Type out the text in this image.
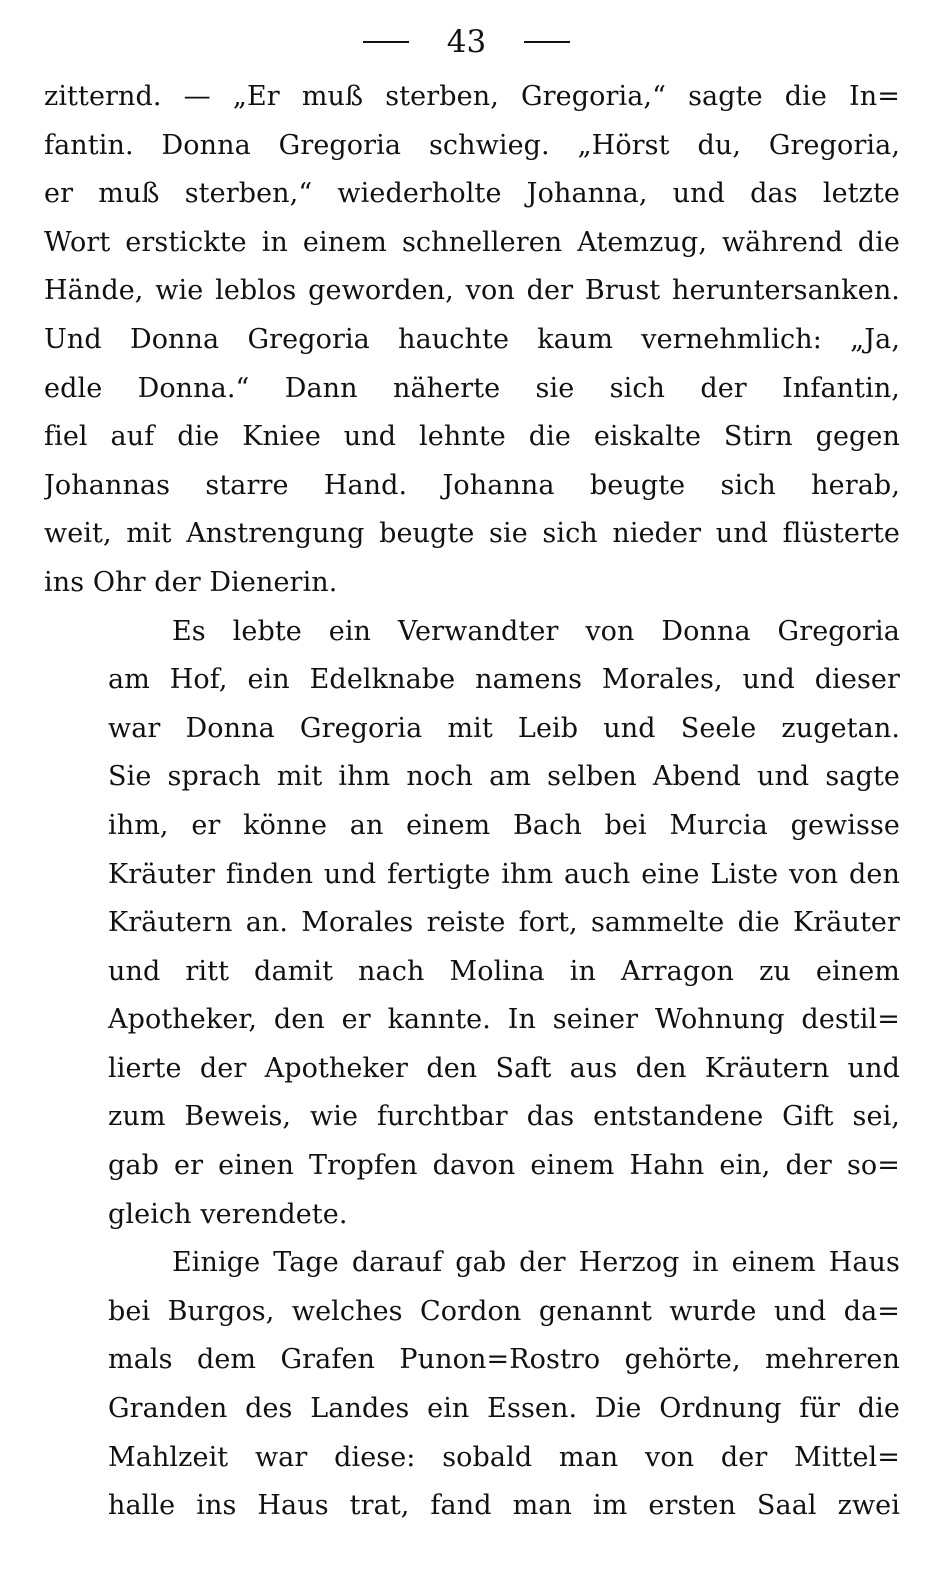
43
zitternd. — „Er muß sterben, Gregoria,“ sagte die In=
fantin. Donna Gregoria schwieg. „Hörst du, Gregoria,
er muß sterben,“ wiederholte Johanna, und das letzte
Wort erstickte in einem schnelleren Atemzug, während die
Hände, wie leblos geworden, von der Brust heruntersanken.
Und Donna Gregoria hauchte kaum vernehmlich: „Ja,
edle Donna.“ Dann näherte sie sich der Infantin,
fiel auf die Kniee und lehnte die eiskalte Stirn gegen
Johannas starre Hand. Johanna beugte sich herab,
weit, mit Anstrengung beugte sie sich nieder und flüsterte
ins Ohr der Dienerin.
Es lebte ein Verwandter von Donna Gregoria
am Hof, ein Edelknabe namens Morales, und dieser
war Donna Gregoria mit Leib und Seele zugetan.
Sie sprach mit ihm noch am selben Abend und sagte
ihm, er könne an einem Bach bei Murcia gewisse
Kräuter finden und fertigte ihm auch eine Liste von den
Kräutern an. Morales reiste fort, sammelte die Kräuter
und ritt damit nach Molina in Arragon zu einem
Apotheker, den er kannte. In seiner Wohnung destil=
lierte der Apotheker den Saft aus den Kräutern und
zum Beweis, wie furchtbar das entstandene Gift sei,
gab er einen Tropfen davon einem Hahn ein, der so=
gleich verendete.
Einige Tage darauf gab der Herzog in einem Haus
bei Burgos, welches Cordon genannt wurde und da=
mals dem Grafen Punon=Rostro gehörte, mehreren
Granden des Landes ein Essen. Die Ordnung für die
Mahlzeit war diese: sobald man von der Mittel=
halle ins Haus trat, fand man im ersten Saal zwei
